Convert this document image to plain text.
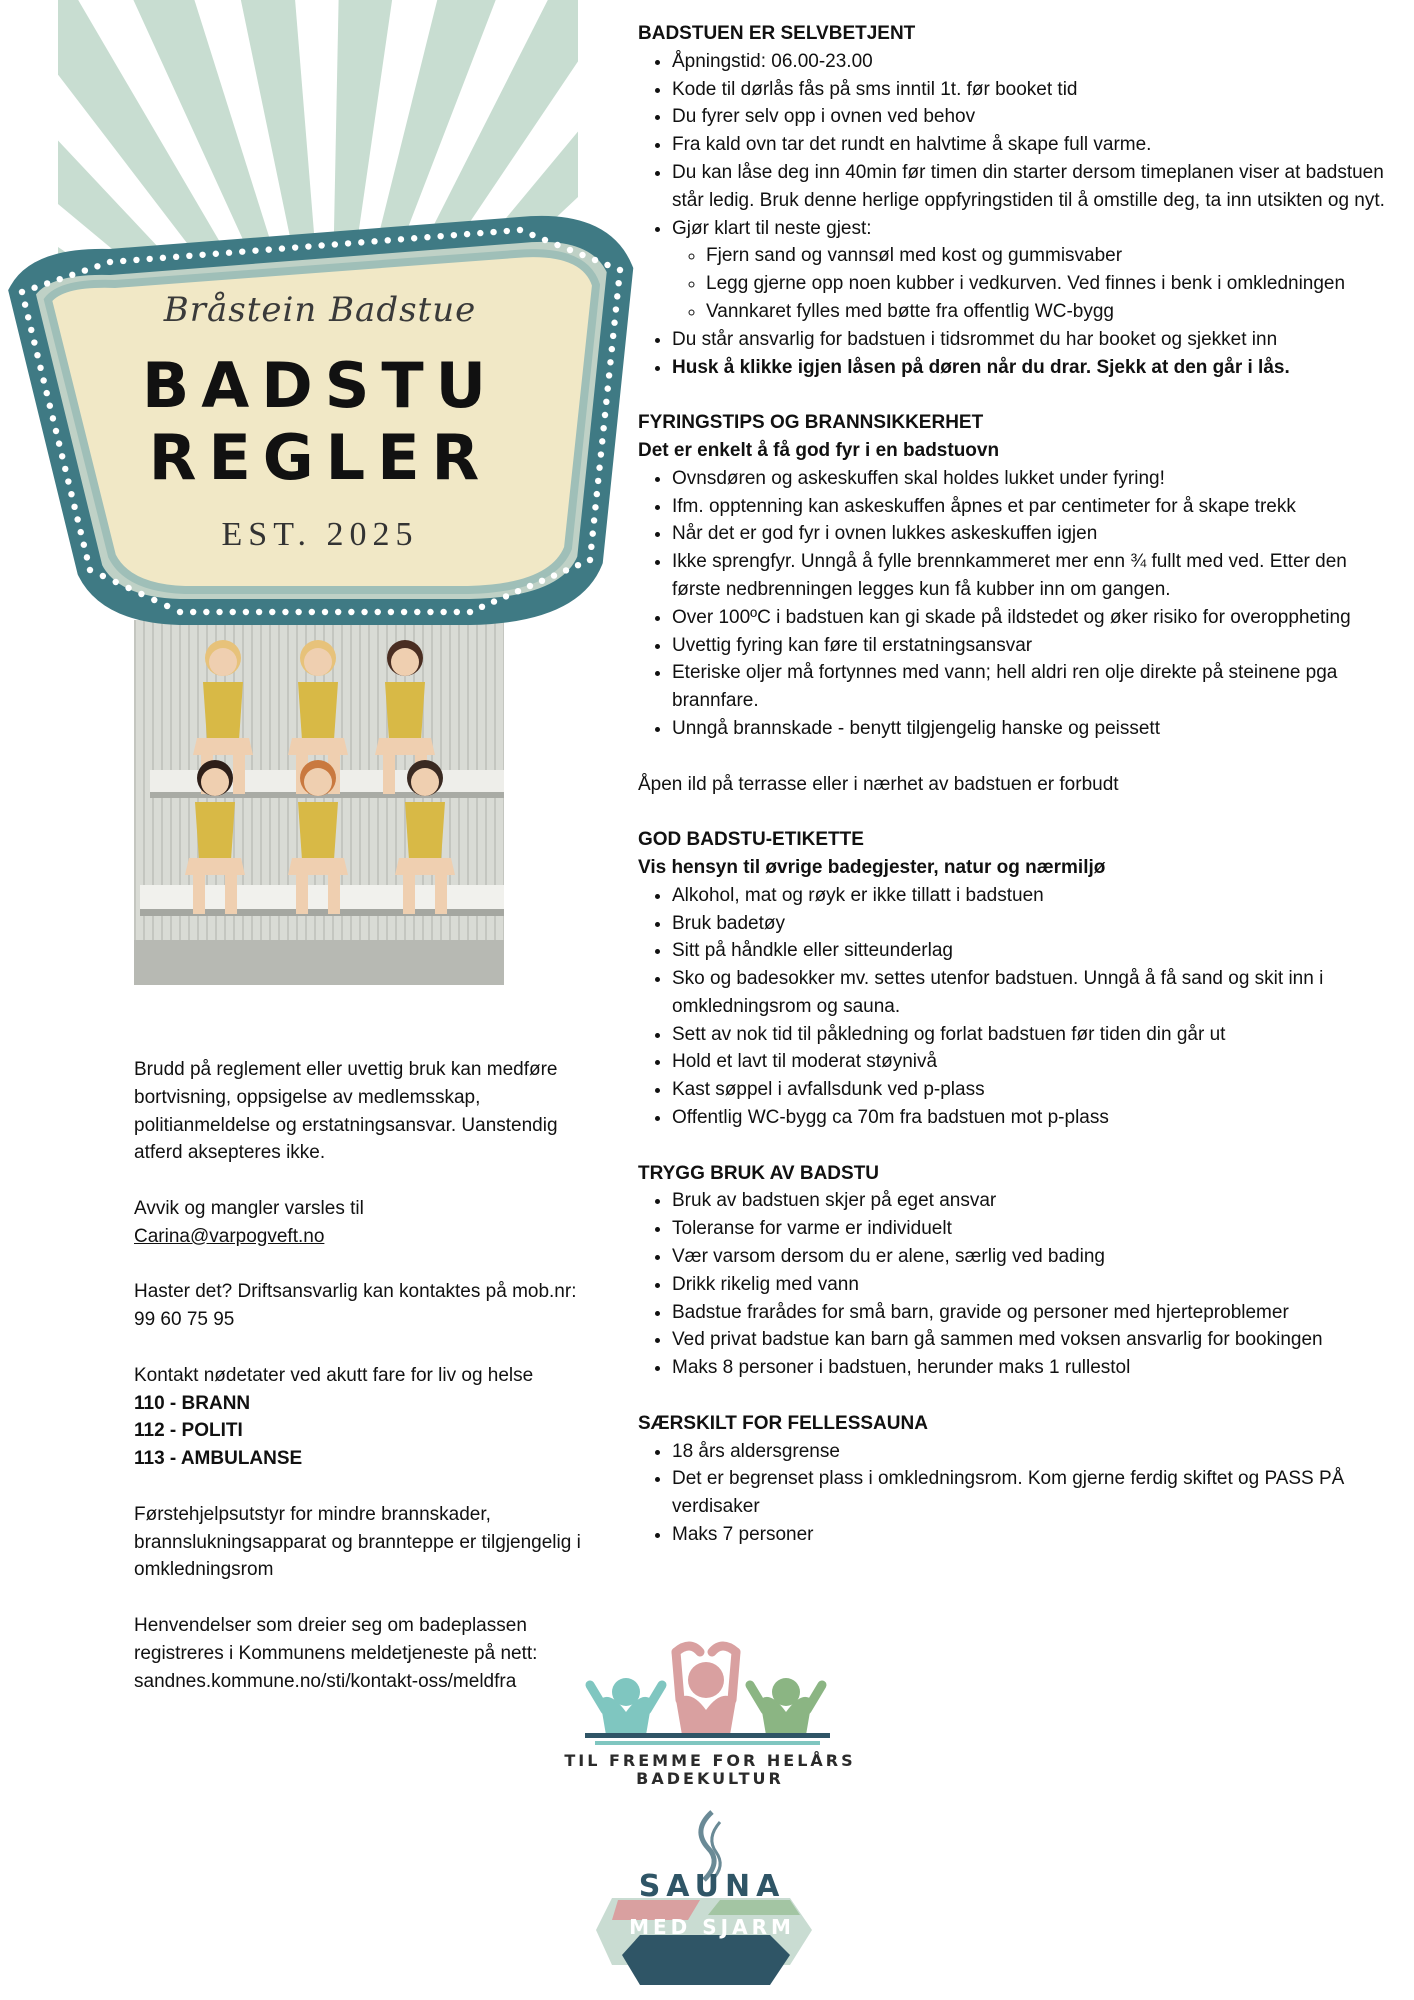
Bråstein Badstue
BADSTU
REGLER
EST. 2025
BADSTUEN ER SELVBETJENT
• Åpningstid: 06.00-23.00
• Kode til dørlås fås på sms inntil 1t. før booket tid
• Du fyrer selv opp i ovnen ved behov
• Fra kald ovn tar det rundt en halvtime å skape full varme.
• Du kan låse deg inn 40min før timen din starter dersom timeplanen viser at badstuen står ledig. Bruk denne herlige oppfyringstiden til å omstille deg, ta inn utsikten og nyt.
• Gjør klart til neste gjest:
◦ Fjern sand og vannsøl med kost og gummisvaber
◦ Legg gjerne opp noen kubber i vedkurven. Ved finnes i benk i omkledningen
◦ Vannkaret fylles med bøtte fra offentlig WC-bygg
• Du står ansvarlig for badstuen i tidsrommet du har booket og sjekket inn
• Husk å klikke igjen låsen på døren når du drar. Sjekk at den går i lås.
FYRINGSTIPS OG BRANNSIKKERHET
Det er enkelt å få god fyr i en badstuovn
• Ovnsdøren og askeskuffen skal holdes lukket under fyring!
• Ifm. opptenning kan askeskuffen åpnes et par centimeter for å skape trekk
• Når det er god fyr i ovnen lukkes askeskuffen igjen
• Ikke sprengfyr. Unngå å fylle brennkammeret mer enn ¾ fullt med ved. Etter den første nedbrenningen legges kun få kubber inn om gangen.
• Over 100ºC i badstuen kan gi skade på ildstedet og øker risiko for overoppheting
• Uvettig fyring kan føre til erstatningsansvar
• Eteriske oljer må fortynnes med vann; hell aldri ren olje direkte på steinene pga brannfare.
• Unngå brannskade - benytt tilgjengelig hanske og peissett
Åpen ild på terrasse eller i nærhet av badstuen er forbudt
GOD BADSTU-ETIKETTE
Vis hensyn til øvrige badegjester, natur og nærmiljø
• Alkohol, mat og røyk er ikke tillatt i badstuen
• Bruk badetøy
• Sitt på håndkle eller sitteunderlag
• Sko og badesokker mv. settes utenfor badstuen. Unngå å få sand og skit inn i omkledningsrom og sauna.
• Sett av nok tid til påkledning og forlat badstuen før tiden din går ut
• Hold et lavt til moderat støynivå
• Kast søppel i avfallsdunk ved p-plass
• Offentlig WC-bygg ca 70m fra badstuen mot p-plass
TRYGG BRUK AV BADSTU
• Bruk av badstuen skjer på eget ansvar
• Toleranse for varme er individuelt
• Vær varsom dersom du er alene, særlig ved bading
• Drikk rikelig med vann
• Badstue frarådes for små barn, gravide og personer med hjerteproblemer
• Ved privat badstue kan barn gå sammen med voksen ansvarlig for bookingen
• Maks 8 personer i badstuen, herunder maks 1 rullestol
SÆRSKILT FOR FELLESSAUNA
• 18 års aldersgrense
• Det er begrenset plass i omkledningsrom. Kom gjerne ferdig skiftet og PASS PÅ verdisaker
• Maks 7 personer

Brudd på reglement eller uvettig bruk kan medføre bortvisning, oppsigelse av medlemsskap, politianmeldelse og erstatningsansvar. Uanstendig atferd aksepteres ikke.

Avvik og mangler varsles til

Carina@varpogveft.no

Haster det? Driftsansvarlig kan kontaktes på mob.nr: 99 60 75 95

Kontakt nødetater ved akutt fare for liv og helse

110 - BRANN

112 - POLITI

113 - AMBULANSE

Førstehjelpsutstyr for mindre brannskader, brannslukningsapparat og brannteppe er tilgjengelig i omkledningsrom

Henvendelser som dreier seg om badeplassen registreres i Kommunens meldetjeneste på nett: sandnes.kommune.no/sti/kontakt-oss/meldfra

TIL FREMME FOR HELÅRS
BADEKULTUR
SAUNA
MED SJARM
